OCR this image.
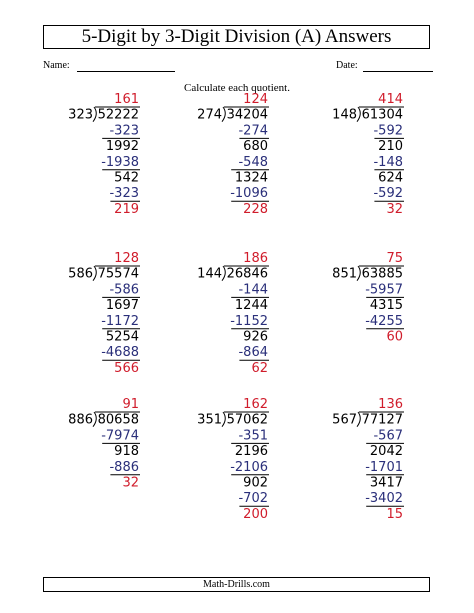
5-Digit by 3-Digit Division (A) Answers
Name:	Date:
Calculate each quotient.
161
52222
323
-323
1992
-1938
542
-323
219
124
34204
274
-274
680
-548
1324
-1096
228
414
61304
148
-592
210
-148
624
-592
32
128
75574
586
-586
1697
-1172
5254
-4688
566
186
26846
144
-144
1244
-1152
926
-864
62
75
63885
851
-5957
4315
-4255
60
91
80658
886
-7974
918
-886
32
162
57062
351
-351
2196
-2106
902
-702
200
136
77127
567
-567
2042
-1701
3417
-3402
15
Math-Drills.com
